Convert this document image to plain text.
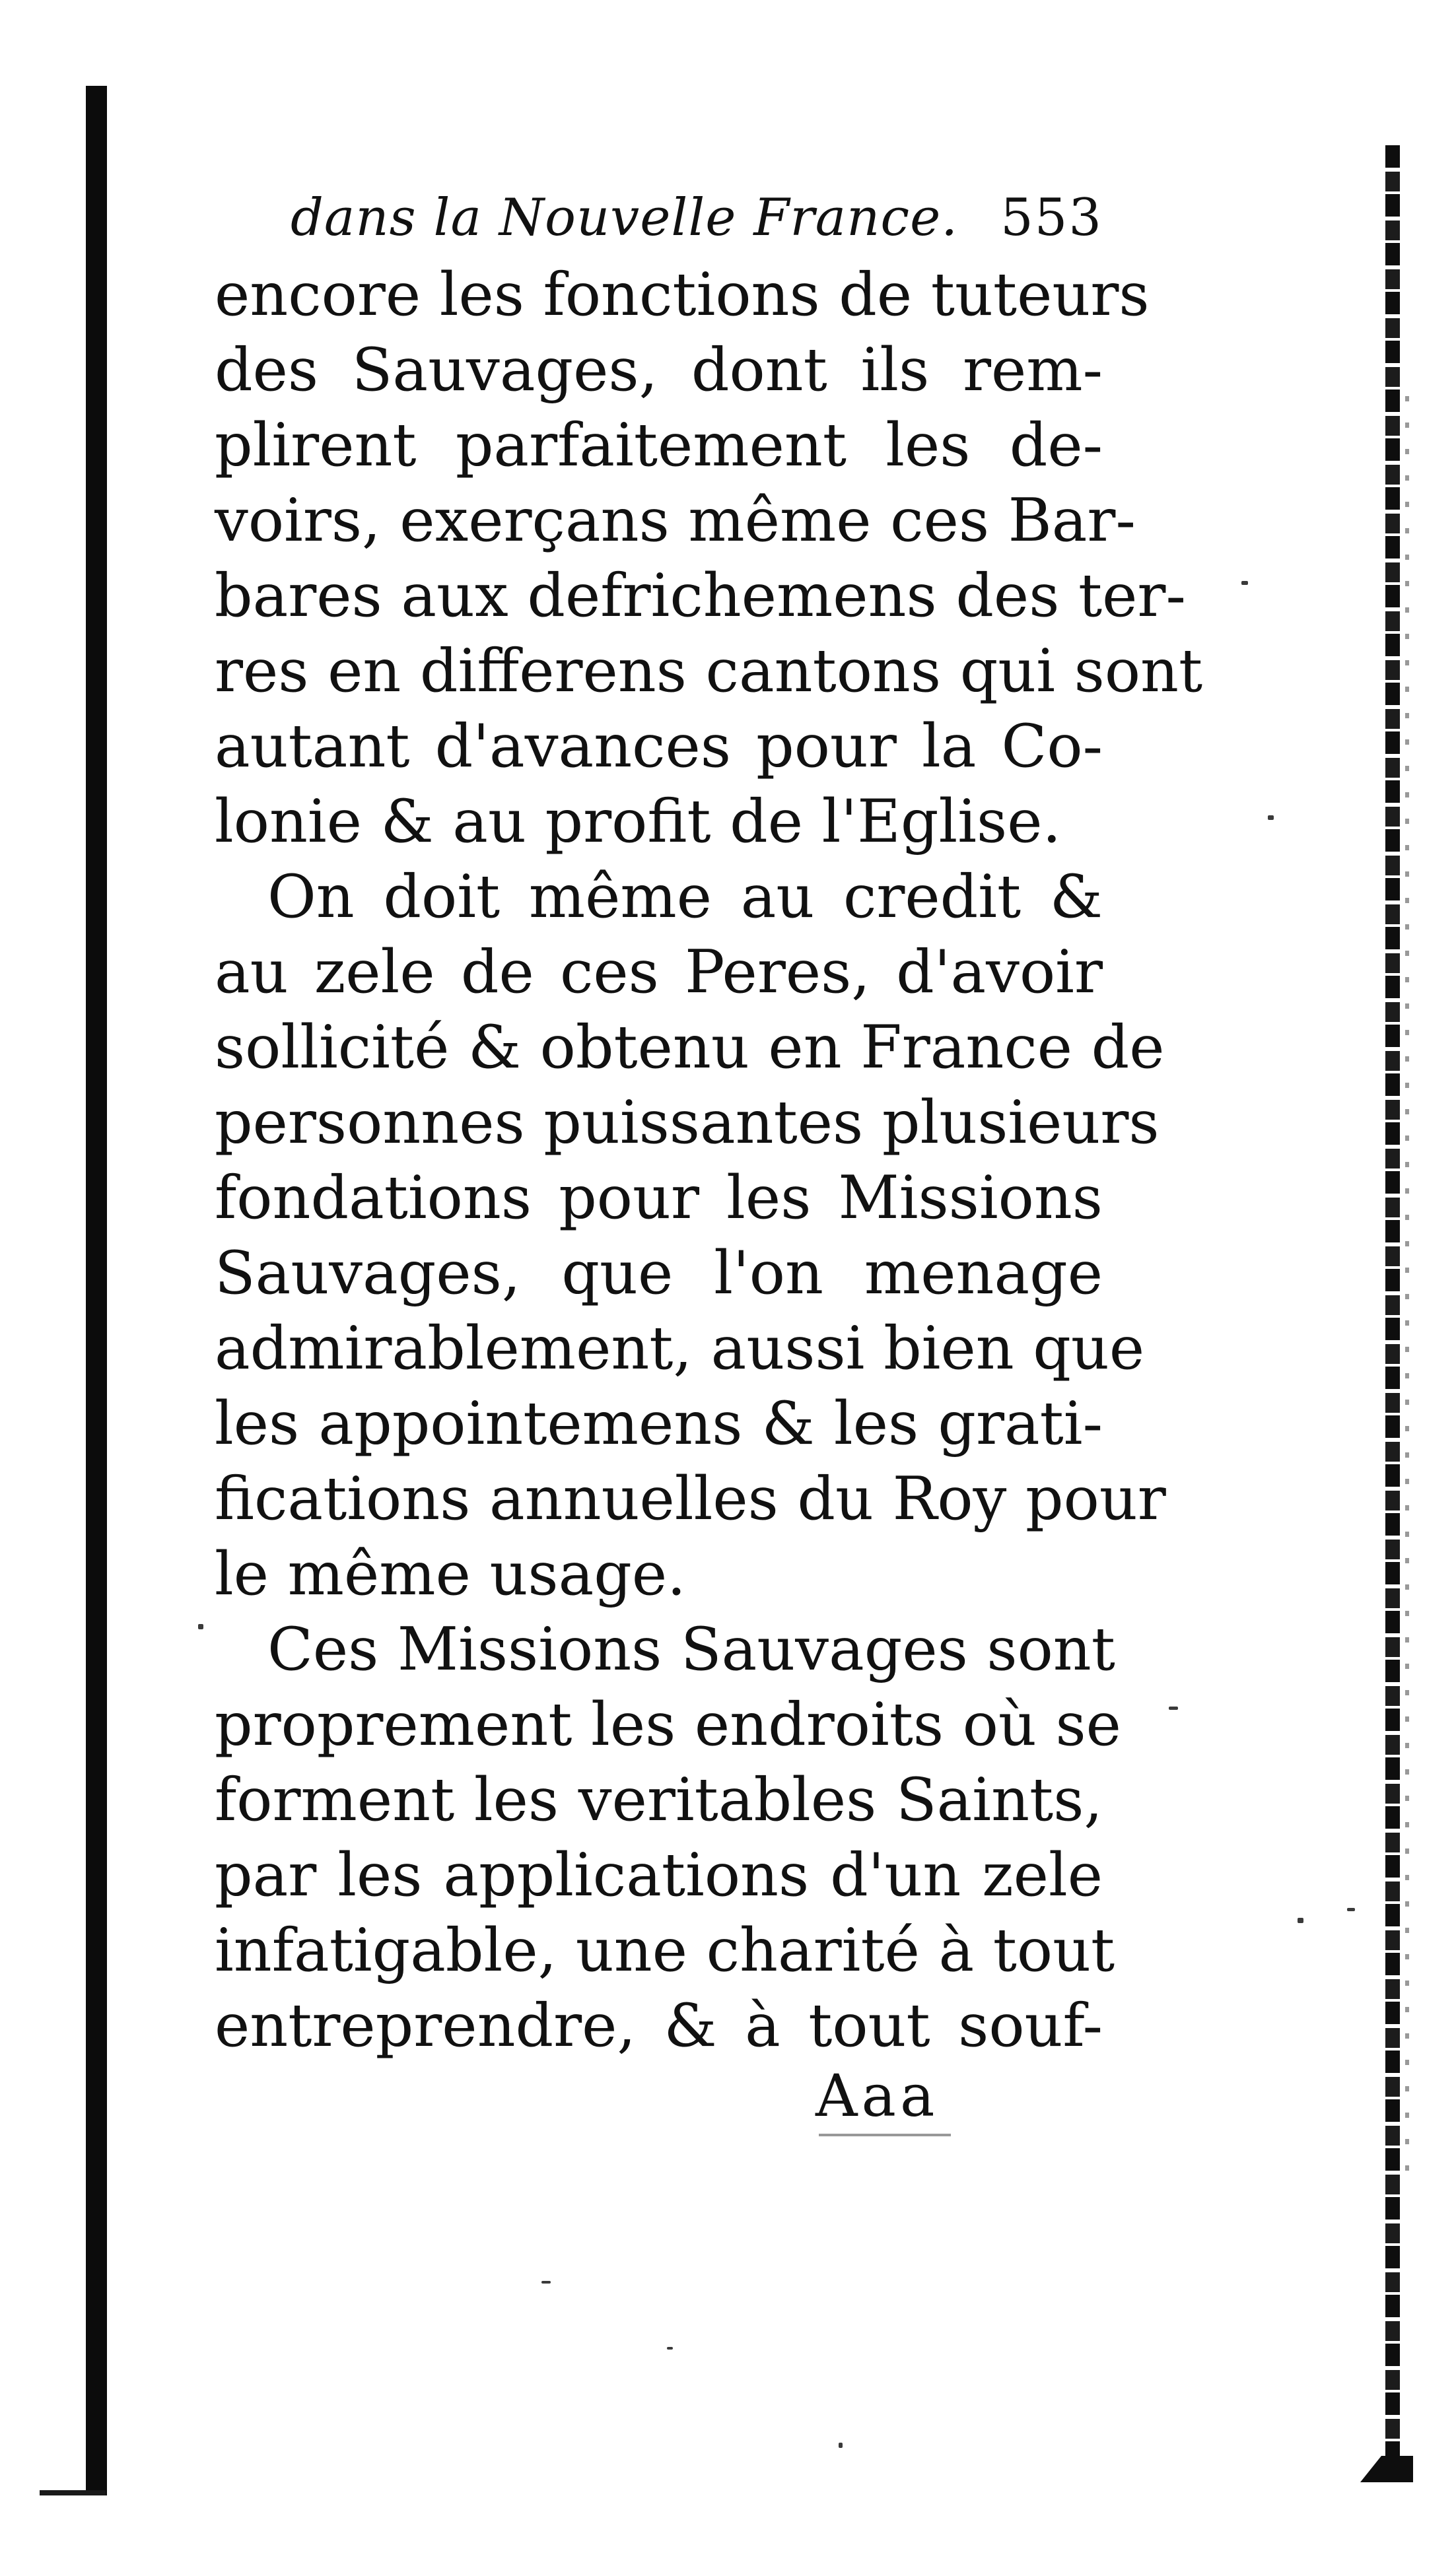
dans la Nouvelle France. 553
encore les fonctions de tuteurs
des Sauvages, dont ils rem-
plirent parfaitement les de-
voirs, exerçans même ces Bar-
bares aux defrichemens des ter-
res en differens cantons qui sont
autant d'avances pour la Co-
lonie & au profit de l'Eglise.
On doit même au credit &
au zele de ces Peres, d'avoir
sollicité & obtenu en France de
personnes puissantes plusieurs
fondations pour les Missions
Sauvages, que l'on menage
admirablement, aussi bien que
les appointemens & les grati-
fications annuelles du Roy pour
le même usage.
Ces Missions Sauvages sont
proprement les endroits où se
forment les veritables Saints,
par les applications d'un zele
infatigable, une charité à tout
entreprendre, & à tout souf-
Aaa
